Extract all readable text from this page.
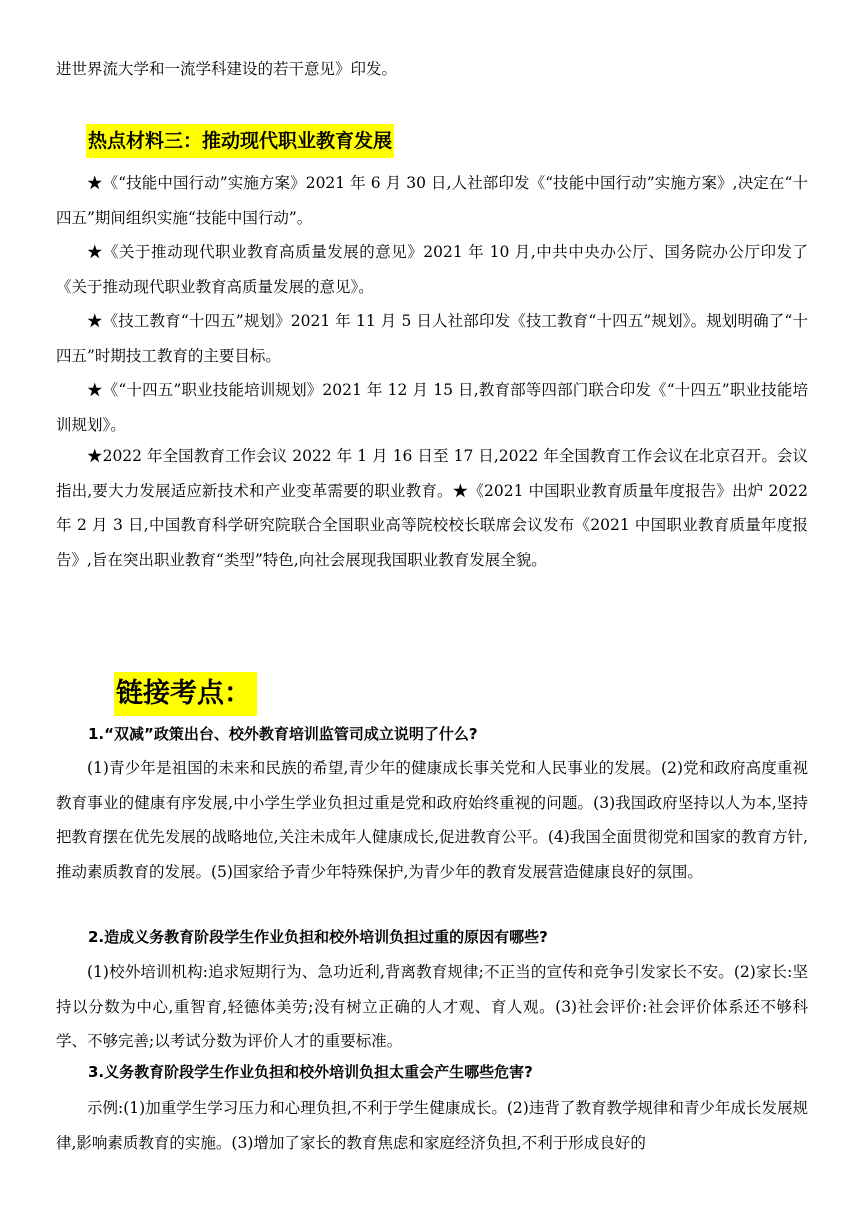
进世界流大学和一流学科建设的若干意见》印发。
热点材料三：推动现代职业教育发展
★《“技能中国行动”实施方案》2021 年 6 月 30 日,人社部印发《“技能中国行动”实施方案》,决定在“十四五”期间组织实施“技能中国行动”。
★《关于推动现代职业教育高质量发展的意见》2021 年 10 月,中共中央办公厅、国务院办公厅印发了《关于推动现代职业教育高质量发展的意见》。
★《技工教育“十四五”规划》2021 年 11 月 5 日人社部印发《技工教育“十四五”规划》。规划明确了“十四五”时期技工教育的主要目标。
★《“十四五”职业技能培训规划》2021 年 12 月 15 日,教育部等四部门联合印发《“十四五”职业技能培训规划》。
★2022 年全国教育工作会议 2022 年 1 月 16 日至 17 日,2022 年全国教育工作会议在北京召开。会议指出,要大力发展适应新技术和产业变革需要的职业教育。★《2021 中国职业教育质量年度报告》出炉 2022 年 2 月 3 日,中国教育科学研究院联合全国职业高等院校校长联席会议发布《2021 中国职业教育质量年度报告》,旨在突出职业教育“类型”特色,向社会展现我国职业教育发展全貌。
链接考点：
1.“双减”政策出台、校外教育培训监管司成立说明了什么?
(1)青少年是祖国的未来和民族的希望,青少年的健康成长事关党和人民事业的发展。(2)党和政府高度重视教育事业的健康有序发展,中小学生学业负担过重是党和政府始终重视的问题。(3)我国政府坚持以人为本,坚持把教育摆在优先发展的战略地位,关注未成年人健康成长,促进教育公平。(4)我国全面贯彻党和国家的教育方针,推动素质教育的发展。(5)国家给予青少年特殊保护,为青少年的教育发展营造健康良好的氛围。
2.造成义务教育阶段学生作业负担和校外培训负担过重的原因有哪些?
(1)校外培训机构:追求短期行为、急功近利,背离教育规律;不正当的宣传和竞争引发家长不安。(2)家长:坚持以分数为中心,重智育,轻德体美劳;没有树立正确的人才观、育人观。(3)社会评价:社会评价体系还不够科学、不够完善;以考试分数为评价人才的重要标准。
3.义务教育阶段学生作业负担和校外培训负担太重会产生哪些危害?
示例:(1)加重学生学习压力和心理负担,不利于学生健康成长。(2)违背了教育教学规律和青少年成长发展规律,影响素质教育的实施。(3)增加了家长的教育焦虑和家庭经济负担,不利于形成良好的
